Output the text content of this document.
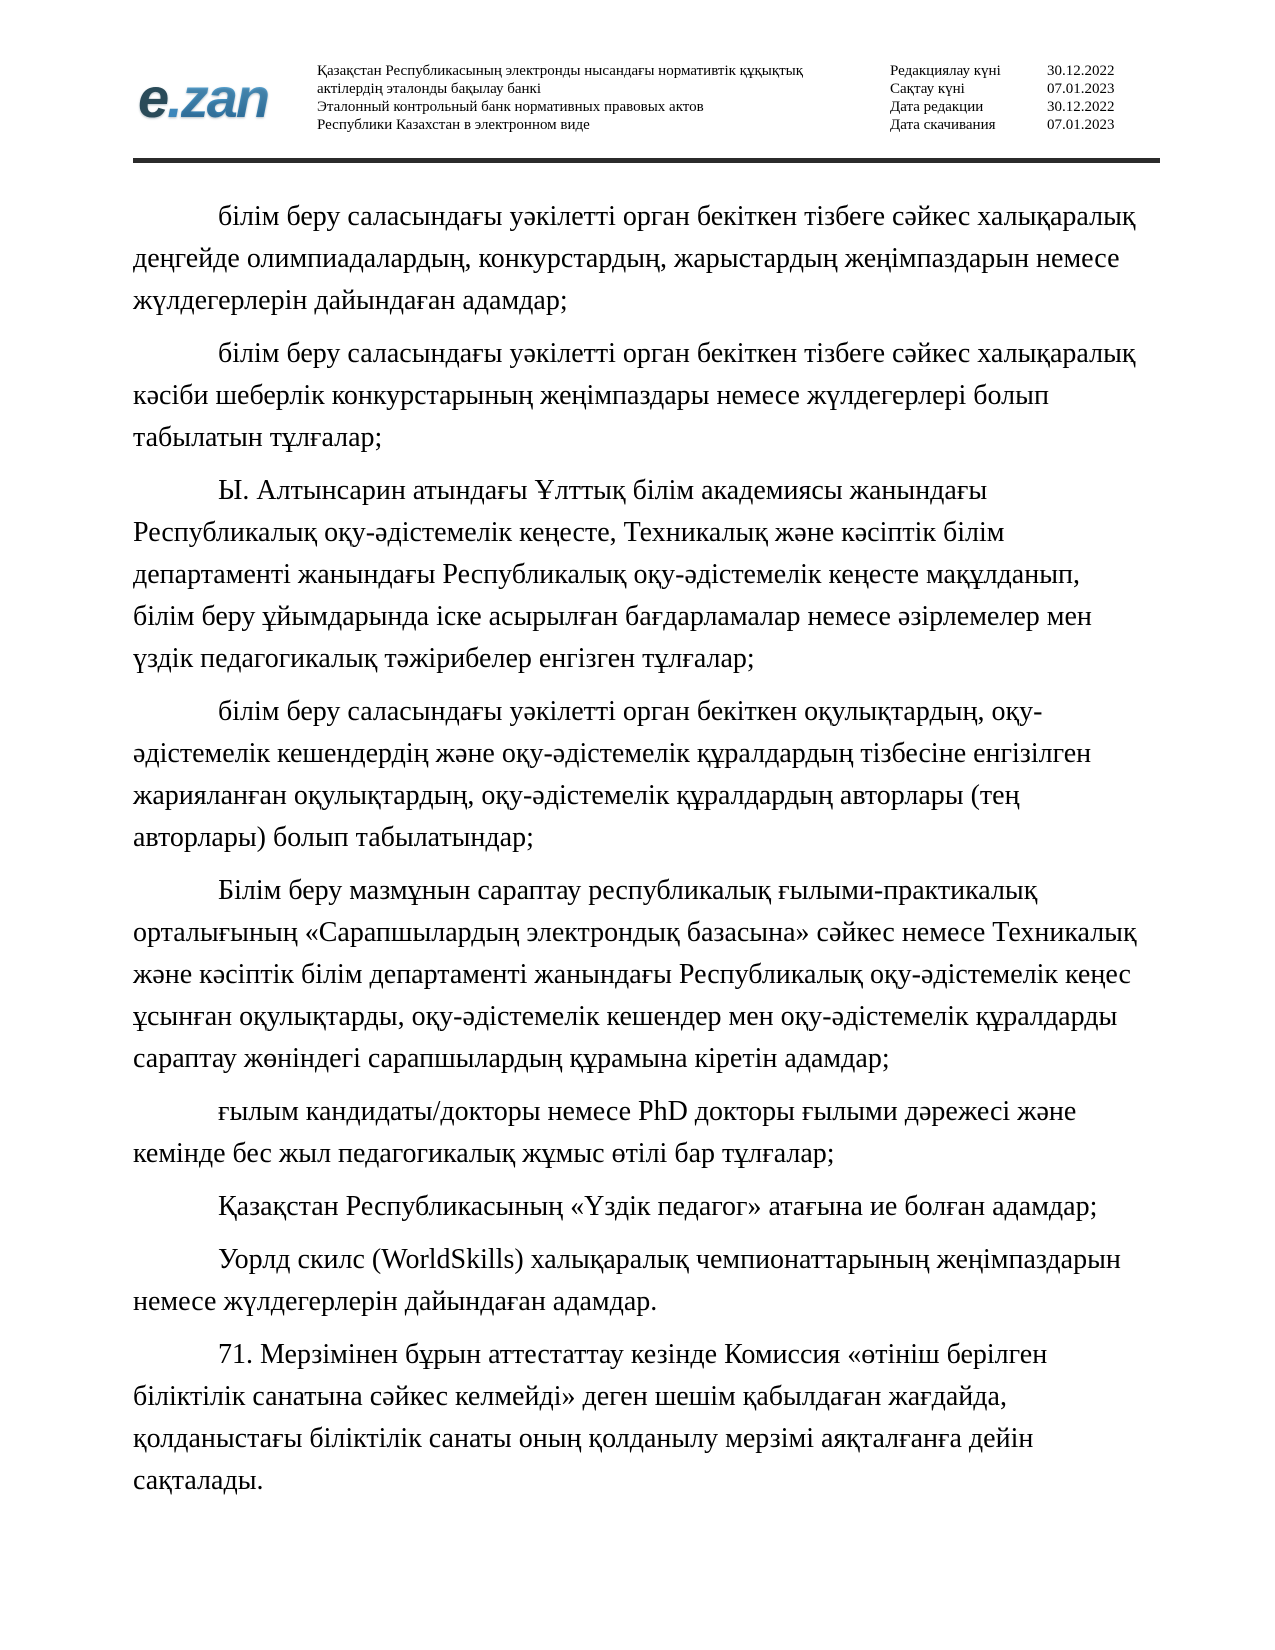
e.zan	Қазақстан Республикасының электронды нысандағы нормативтік құқықтық
актілердің эталонды бақылау банкі
Эталонный контрольный банк нормативных правовых актов
Республики Казахстан в электронном виде
Редакциялау күні	30.12.2022
Сақтау күні	07.01.2023
Дата редакции	30.12.2022
Дата скачивания	07.01.2023

білім беру саласындағы уәкілетті орган бекіткен тізбеге сәйкес халықаралық деңгейде олимпиадалардың, конкурстардың, жарыстардың жеңімпаздарын немесе жүлдегерлерін дайындаған адамдар;

білім беру саласындағы уәкілетті орган бекіткен тізбеге сәйкес халықаралық кәсіби шеберлік конкурстарының жеңімпаздары немесе жүлдегерлері болып табылатын тұлғалар;

Ы. Алтынсарин атындағы Ұлттық білім академиясы жанындағы Республикалық оқу-әдістемелік кеңесте, Техникалық және кәсіптік білім департаменті жанындағы Республикалық оқу-әдістемелік кеңесте мақұлданып, білім беру ұйымдарында іске асырылған бағдарламалар немесе әзірлемелер мен үздік педагогикалық тәжірибелер енгізген тұлғалар;

білім беру саласындағы уәкілетті орган бекіткен оқулықтардың, оқу-әдістемелік кешендердің және оқу-әдістемелік құралдардың тізбесіне енгізілген жарияланған оқулықтардың, оқу-әдістемелік құралдардың авторлары (тең авторлары) болып табылатындар;

Білім беру мазмұнын сараптау республикалық ғылыми-практикалық орталығының «Сарапшылардың электрондық базасына» сәйкес немесе Техникалық және кәсіптік білім департаменті жанындағы Республикалық оқу-әдістемелік кеңес ұсынған оқулықтарды, оқу-әдістемелік кешендер мен оқу-әдістемелік құралдарды сараптау жөніндегі сарапшылардың құрамына кіретін адамдар;

ғылым кандидаты/докторы немесе PhD докторы ғылыми дәрежесі және кемінде бес жыл педагогикалық жұмыс өтілі бар тұлғалар;

Қазақстан Республикасының «Үздік педагог» атағына ие болған адамдар;

Уорлд скилс (WorldSkills) халықаралық чемпионаттарының жеңімпаздарын немесе жүлдегерлерін дайындаған адамдар.

71. Мерзімінен бұрын аттестаттау кезінде Комиссия «өтініш берілген біліктілік санатына сәйкес келмейді» деген шешім қабылдаған жағдайда, қолданыстағы біліктілік санаты оның қолданылу мерзімі аяқталғанға дейін сақталады.
